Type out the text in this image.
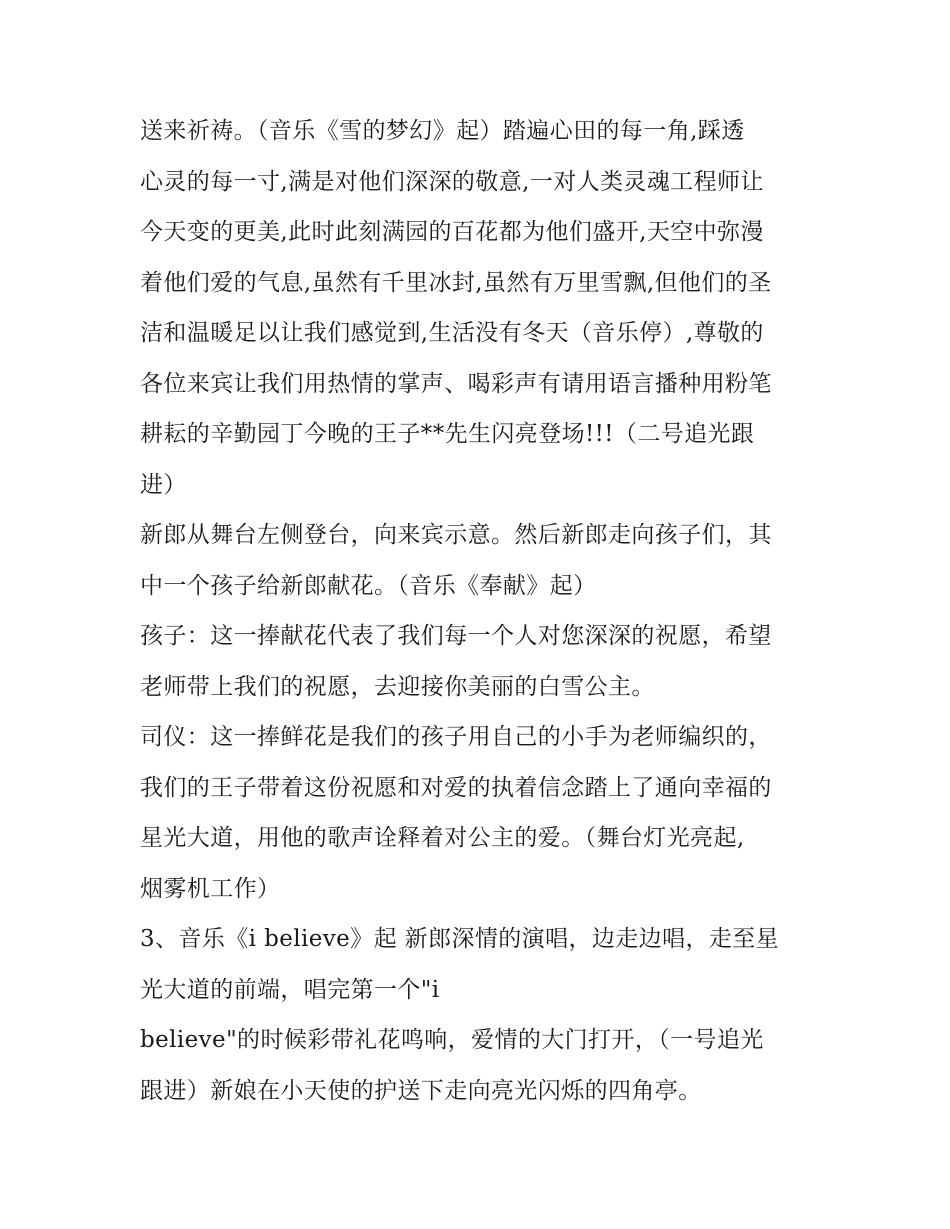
送来祈祷。（音乐《雪的梦幻》起）踏遍心田的每一角,踩透
心灵的每一寸,满是对他们深深的敬意,一对人类灵魂工程师让
今天变的更美,此时此刻满园的百花都为他们盛开,天空中弥漫
着他们爱的气息,虽然有千里冰封,虽然有万里雪飘,但他们的圣
洁和温暖足以让我们感觉到,生活没有冬天（音乐停）,尊敬的
各位来宾让我们用热情的掌声、喝彩声有请用语言播种用粉笔
耕耘的辛勤园丁今晚的王子**先生闪亮登场!!!（二号追光跟
进）
新郎从舞台左侧登台，向来宾示意。然后新郎走向孩子们，其
中一个孩子给新郎献花。（音乐《奉献》起）
孩子：这一捧献花代表了我们每一个人对您深深的祝愿，希望
老师带上我们的祝愿，去迎接你美丽的白雪公主。
司仪：这一捧鲜花是我们的孩子用自己的小手为老师编织的，
我们的王子带着这份祝愿和对爱的执着信念踏上了通向幸福的
星光大道，用他的歌声诠释着对公主的爱。（舞台灯光亮起,
烟雾机工作）
3、音乐《i believe》起 新郎深情的演唱，边走边唱，走至星
光大道的前端，唱完第一个"i
believe"的时候彩带礼花鸣响，爱情的大门打开，（一号追光
跟进）新娘在小天使的护送下走向亮光闪烁的四角亭。
